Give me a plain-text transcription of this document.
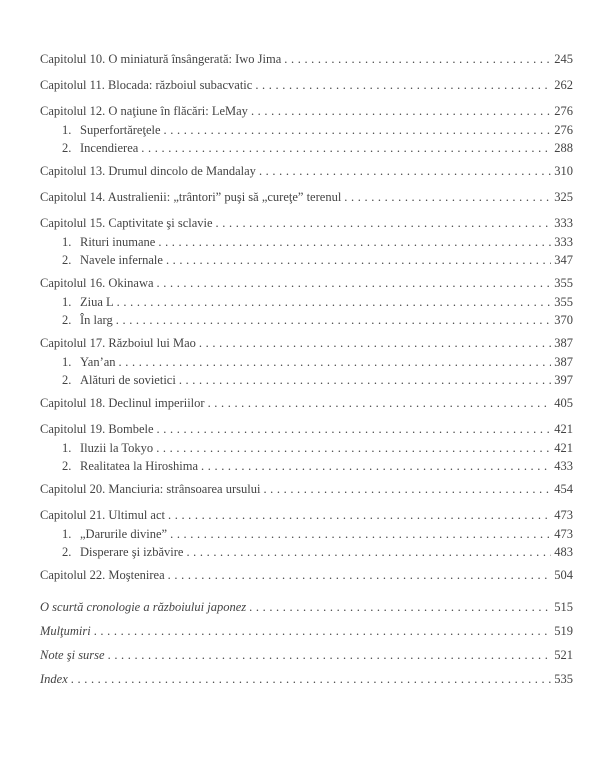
Capitolul 10. O miniatură însângerată: Iwo Jima .....	245
Capitolul 11. Blocada: războiul subacvatic .....	262
Capitolul 12. O naţiune în flăcări: LeMay .....	276
1. Superfortăreţele .....	276
2. Incendierea .....	288
Capitolul 13. Drumul dincolo de Mandalay .....	310
Capitolul 14. Australienii: „trântori” puşi să „cureţe” terenul .....	325
Capitolul 15. Captivitate şi sclavie .....	333
1. Rituri inumane .....	333
2. Navele infernale .....	347
Capitolul 16. Okinawa .....	355
1. Ziua L .....	355
2. În larg .....	370
Capitolul 17. Războiul lui Mao .....	387
1. Yan’an .....	387
2. Alături de sovietici .....	397
Capitolul 18. Declinul imperiilor .....	405
Capitolul 19. Bombele .....	421
1. Iluzii la Tokyo .....	421
2. Realitatea la Hiroshima .....	433
Capitolul 20. Manciuria: strânsoarea ursului .....	454
Capitolul 21. Ultimul act .....	473
1. „Darurile divine” .....	473
2. Disperare şi izbăvire .....	483
Capitolul 22. Moştenirea .....	504
O scurtă cronologie a războiului japonez .....	515
Mulţumiri .....	519
Note şi surse .....	521
Index .....	535
